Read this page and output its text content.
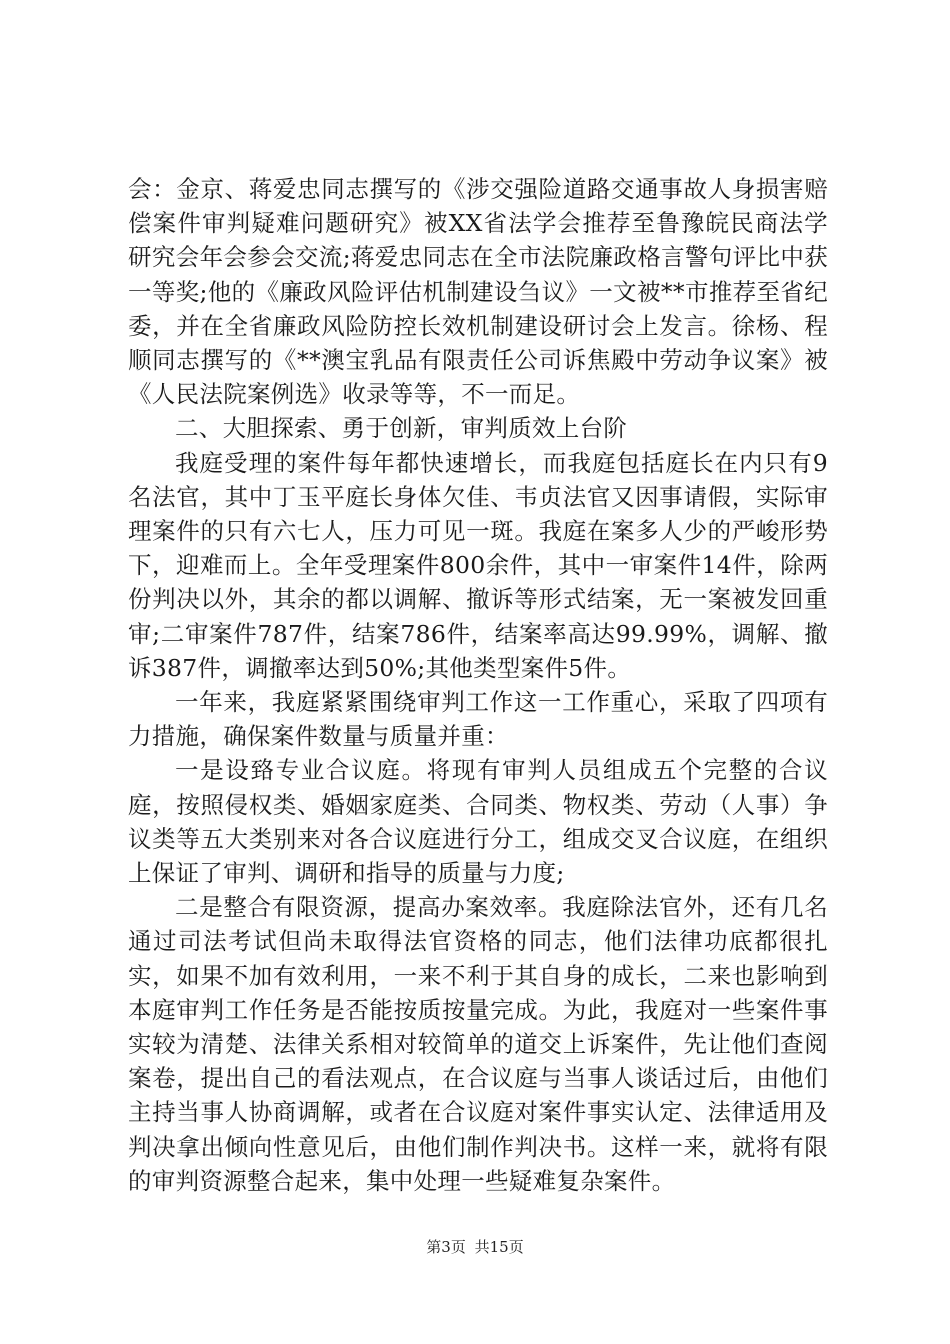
会：金京、蒋爱忠同志撰写的《涉交强险道路交通事故人身损害赔偿案件审判疑难问题研究》被XX省法学会推荐至鲁豫皖民商法学研究会年会参会交流;蒋爱忠同志在全市法院廉政格言警句评比中获一等奖;他的《廉政风险评估机制建设刍议》一文被**市推荐至省纪委，并在全省廉政风险防控长效机制建设研讨会上发言。徐杨、程顺同志撰写的《**澳宝乳品有限责任公司诉焦殿中劳动争议案》被《人民法院案例选》收录等等，不一而足。

二、大胆探索、勇于创新，审判质效上台阶

我庭受理的案件每年都快速增长，而我庭包括庭长在内只有9名法官，其中丁玉平庭长身体欠佳、韦贞法官又因事请假，实际审理案件的只有六七人，压力可见一斑。我庭在案多人少的严峻形势下，迎难而上。全年受理案件800余件，其中一审案件14件，除两份判决以外，其余的都以调解、撤诉等形式结案，无一案被发回重审;二审案件787件，结案786件，结案率高达99.99%，调解、撤诉387件，调撤率达到50%;其他类型案件5件。

一年来，我庭紧紧围绕审判工作这一工作重心，采取了四项有力措施，确保案件数量与质量并重：

一是设臵专业合议庭。将现有审判人员组成五个完整的合议庭，按照侵权类、婚姻家庭类、合同类、物权类、劳动（人事）争议类等五大类别来对各合议庭进行分工，组成交叉合议庭，在组织上保证了审判、调研和指导的质量与力度;

二是整合有限资源，提高办案效率。我庭除法官外，还有几名通过司法考试但尚未取得法官资格的同志，他们法律功底都很扎实，如果不加有效利用，一来不利于其自身的成长，二来也影响到本庭审判工作任务是否能按质按量完成。为此，我庭对一些案件事实较为清楚、法律关系相对较简单的道交上诉案件，先让他们查阅案卷，提出自己的看法观点，在合议庭与当事人谈话过后，由他们主持当事人协商调解，或者在合议庭对案件事实认定、法律适用及判决拿出倾向性意见后，由他们制作判决书。这样一来，就将有限的审判资源整合起来，集中处理一些疑难复杂案件。

第3页 共15页
